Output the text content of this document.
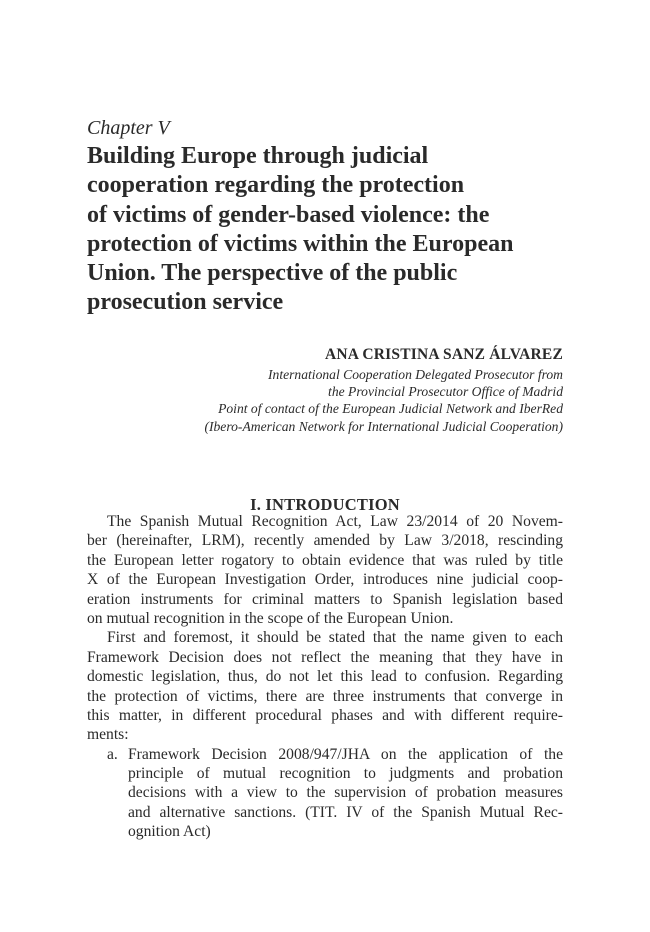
Chapter V
Building Europe through judicial
cooperation regarding the protection
of victims of gender-based violence: the
protection of victims within the European
Union. The perspective of the public
prosecution service
ANA CRISTINA SANZ ÁLVAREZ
International Cooperation Delegated Prosecutor from
the Provincial Prosecutor Office of Madrid
Point of contact of the European Judicial Network and IberRed
(Ibero-American Network for International Judicial Cooperation)
I. INTRODUCTION
The Spanish Mutual Recognition Act, Law 23/2014 of 20 Novem-
ber (hereinafter, LRM), recently amended by Law 3/2018, rescinding
the European letter rogatory to obtain evidence that was ruled by title
X of the European Investigation Order, introduces nine judicial coop-
eration instruments for criminal matters to Spanish legislation based
on mutual recognition in the scope of the European Union.
First and foremost, it should be stated that the name given to each
Framework Decision does not reflect the meaning that they have in
domestic legislation, thus, do not let this lead to confusion. Regarding
the protection of victims, there are three instruments that converge in
this matter, in different procedural phases and with different require-
ments:
a. Framework Decision 2008/947/JHA on the application of the
principle of mutual recognition to judgments and probation
decisions with a view to the supervision of probation measures
and alternative sanctions. (TIT. IV of the Spanish Mutual Rec-
ognition Act)
